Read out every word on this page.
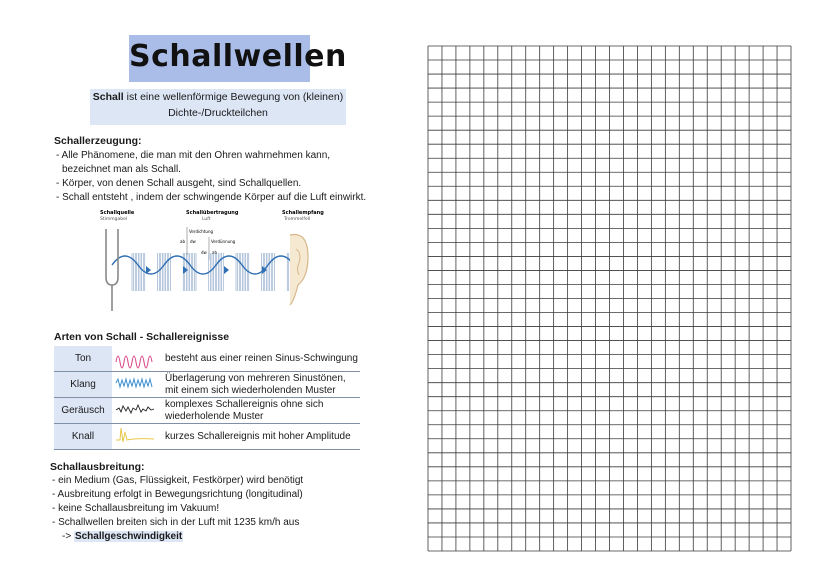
Schallwellen
Schall ist eine wellenförmige Bewegung von (kleinen)
Dichte-/Druckteilchen
Schallerzeugung:
- Alle Phänomene, die man mit den Ohren wahrnehmen kann,
bezeichnet man als Schall.
- Körper, von denen Schall ausgeht, sind Schallquellen.
- Schall entsteht , indem der schwingende Körper auf die Luft einwirkt.
Schallquelle
Stimmgabel
Schallübertragung
Luft
Schallempfang
Trommelfell
Verdichtung
ab dw	Verdünnung
dw ab
Arten von Schall - Schallereignisse
Ton		besteht aus einer reinen Sinus-Schwingung
Klang		Überlagerung von mehreren Sinustönen,
mit einem sich wiederholenden Muster

Geräusch		komplexes Schallereignis ohne sich
wiederholende Muster

Knall		kurzes Schallereignis mit hoher Amplitude
Schallausbreitung:
- ein Medium (Gas, Flüssigkeit, Festkörper) wird benötigt
- Ausbreitung erfolgt in Bewegungsrichtung (longitudinal)
- keine Schallausbreitung im Vakuum!
- Schallwellen breiten sich in der Luft mit 1235 km/h aus
-> Schallgeschwindigkeit
